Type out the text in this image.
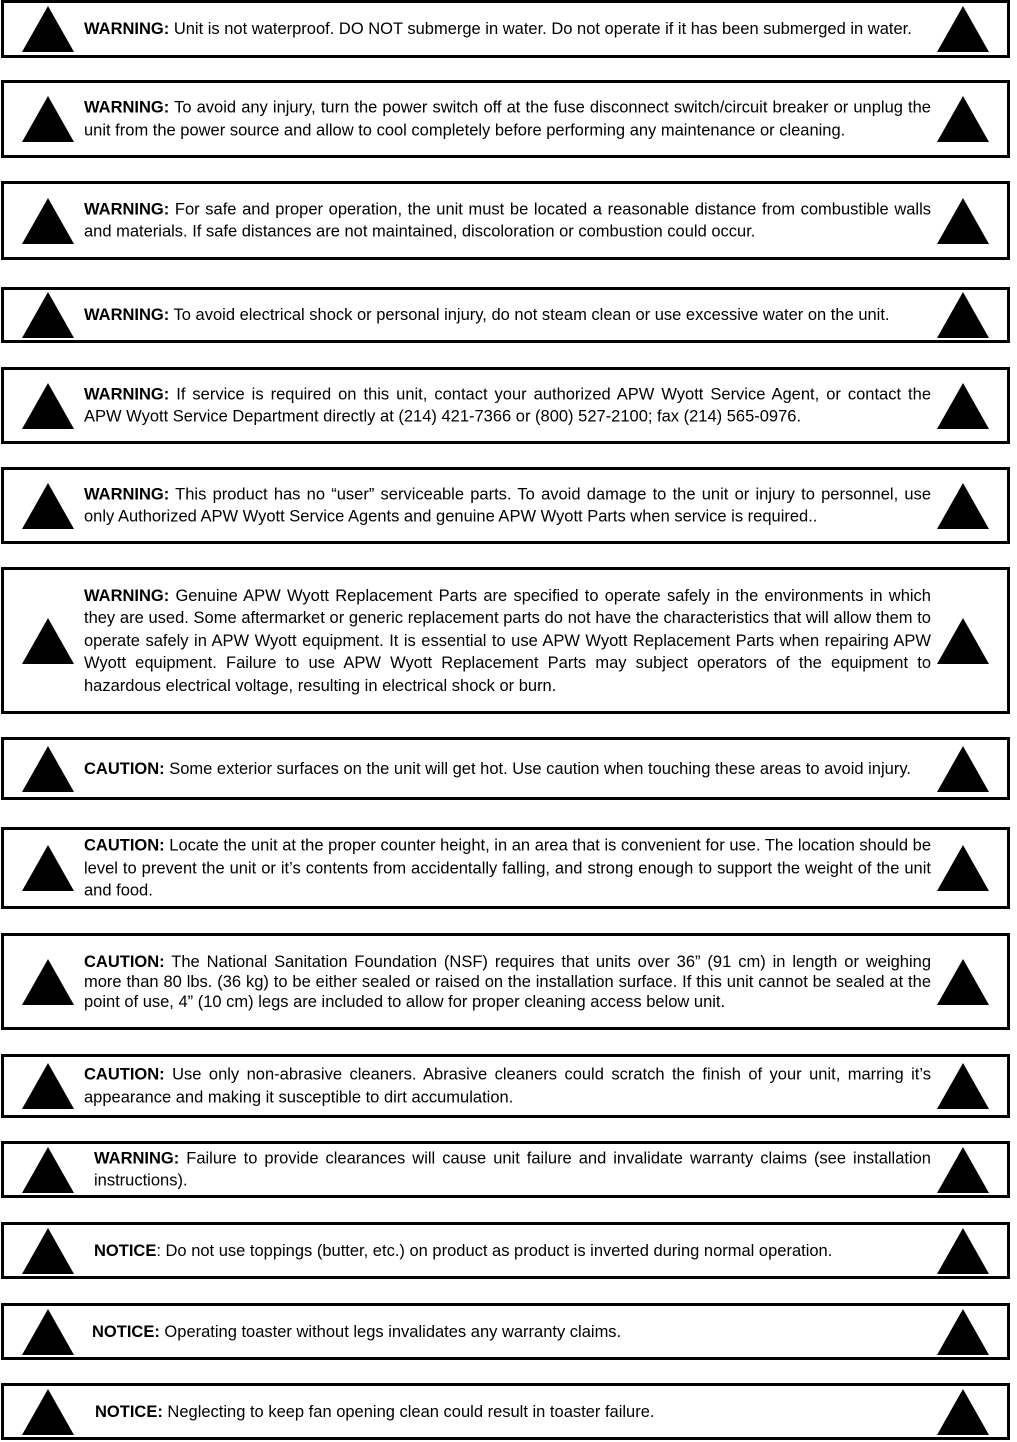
WARNING: Unit is not waterproof. DO NOT submerge in water. Do not operate if it has been submerged in water.

WARNING: To avoid any injury, turn the power switch off at the fuse disconnect switch/circuit breaker or unplug the unit from the power source and allow to cool completely before performing any maintenance or cleaning.

WARNING: For safe and proper operation, the unit must be located a reasonable distance from combustible walls and materials. If safe distances are not maintained, discoloration or combustion could occur.

WARNING: To avoid electrical shock or personal injury, do not steam clean or use excessive water on the unit.

WARNING: If service is required on this unit, contact your authorized APW Wyott Service Agent, or contact the APW Wyott Service Department directly at (214) 421-7366 or (800) 527-2100; fax (214) 565-0976.

WARNING: This product has no “user” serviceable parts. To avoid damage to the unit or injury to personnel, use only Authorized APW Wyott Service Agents and genuine APW Wyott Parts when service is required..

WARNING: Genuine APW Wyott Replacement Parts are specified to operate safely in the environments in which they are used. Some aftermarket or generic replacement parts do not have the characteristics that will allow them to operate safely in APW Wyott equipment. It is essential to use APW Wyott Replacement Parts when repairing APW Wyott equipment. Failure to use APW Wyott Replacement Parts may subject operators of the equipment to hazardous electrical voltage, resulting in electrical shock or burn.

CAUTION: Some exterior surfaces on the unit will get hot. Use caution when touching these areas to avoid injury.

CAUTION: Locate the unit at the proper counter height, in an area that is convenient for use. The location should be level to prevent the unit or it’s contents from accidentally falling, and strong enough to support the weight of the unit and food.

CAUTION: The National Sanitation Foundation (NSF) requires that units over 36” (91 cm) in length or weighing more than 80 lbs. (36 kg) to be either sealed or raised on the installation surface. If this unit cannot be sealed at the point of use, 4” (10 cm) legs are included to allow for proper cleaning access below unit.

CAUTION: Use only non-abrasive cleaners. Abrasive cleaners could scratch the finish of your unit, marring it’s appearance and making it susceptible to dirt accumulation.

WARNING: Failure to provide clearances will cause unit failure and invalidate warranty claims (see installation instructions).

NOTICE: Do not use toppings (butter, etc.) on product as product is inverted during normal operation.

NOTICE: Operating toaster without legs invalidates any warranty claims.

NOTICE: Neglecting to keep fan opening clean could result in toaster failure.
